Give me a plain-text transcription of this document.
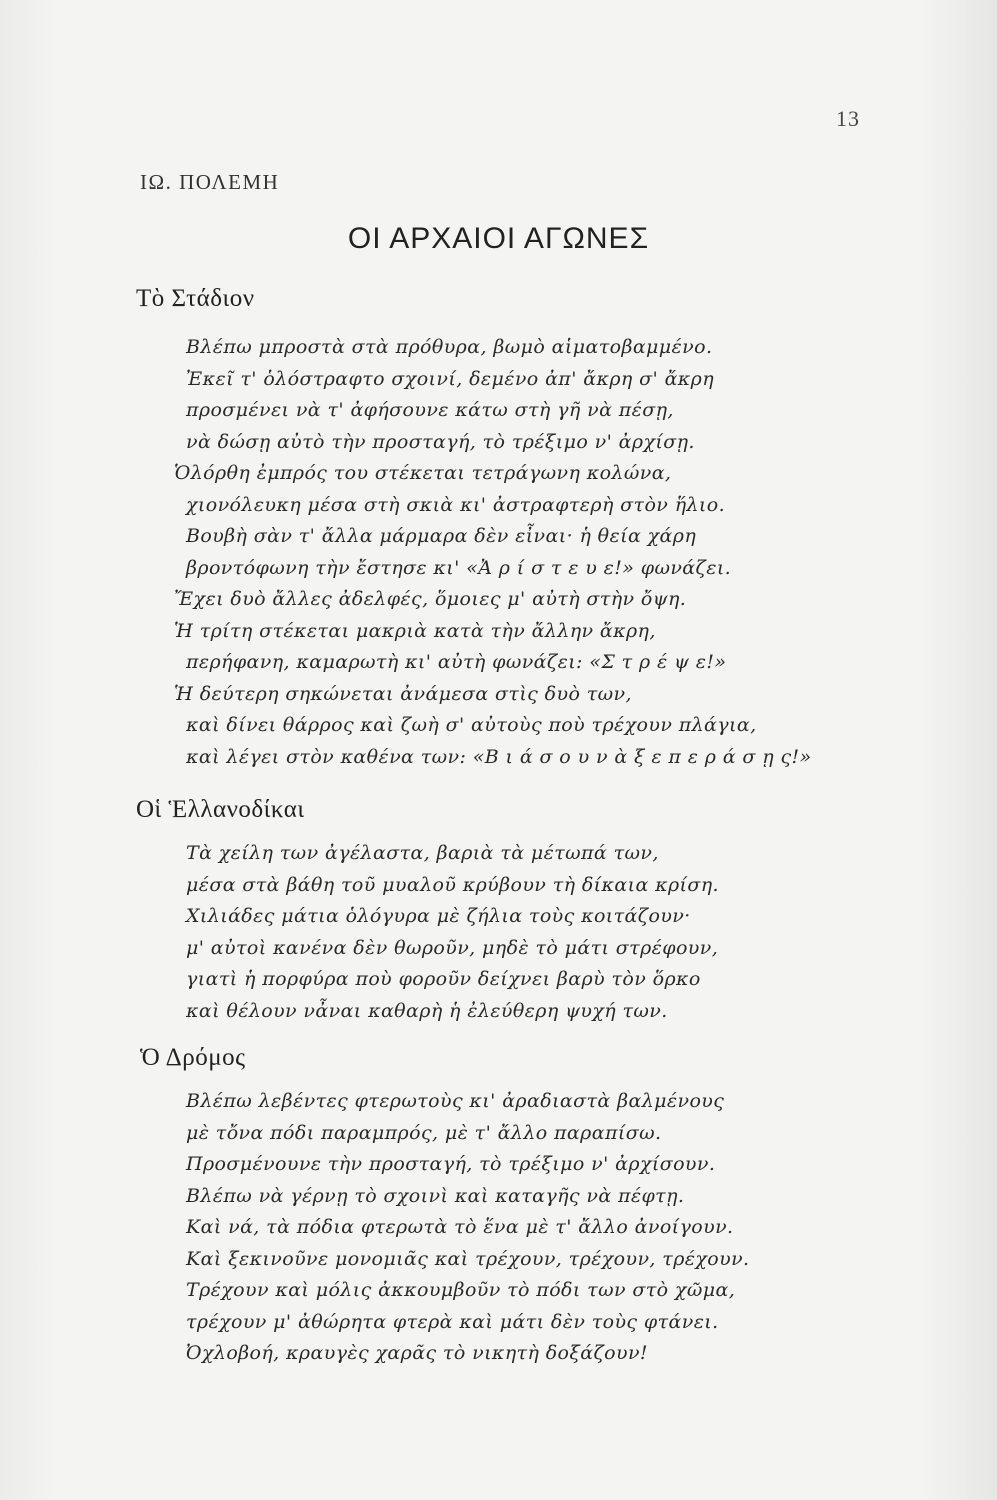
13
ΙΩ. ΠΟΛΕΜΗ
ΟΙ ΑΡΧΑΙΟΙ ΑΓΩΝΕΣ
Τὸ Στάδιον
Βλέπω μπροστὰ στὰ πρόθυρα, βωμὸ αἱματοβαμμένο.
Ἐκεῖ τ' ὁλόστραφτο σχοινί, δεμένο ἀπ' ἄκρη σ' ἄκρη
προσμένει νὰ τ' ἀφήσουνε κάτω στὴ γῆ νὰ πέσῃ,
νὰ δώσῃ αὐτὸ τὴν προσταγή, τὸ τρέξιμο ν' ἀρχίσῃ.
Ὁλόρθη ἐμπρός του στέκεται τετράγωνη κολώνα,
χιονόλευκη μέσα στὴ σκιὰ κι' ἀστραφτερὴ στὸν ἥλιο.
Βουβὴ σὰν τ' ἄλλα μάρμαρα δὲν εἶναι· ἡ θεία χάρη
βροντόφωνη τὴν ἔστησε κι' «Ἀ ρ ί σ τ ε υ ε!» φωνάζει.
Ἔχει δυὸ ἄλλες ἀδελφές, ὅμοιες μ' αὐτὴ στὴν ὄψη.
Ἡ τρίτη στέκεται μακριὰ κατὰ τὴν ἄλλην ἄκρη,
περήφανη, καμαρωτὴ κι' αὐτὴ φωνάζει: «Σ τ ρ έ ψ ε!»
Ἡ δεύτερη σηκώνεται ἀνάμεσα στὶς δυὸ των,
καὶ δίνει θάρρος καὶ ζωὴ σ' αὐτοὺς ποὺ τρέχουν πλάγια,
καὶ λέγει στὸν καθένα των: «Β ι ά σ ο υ ν ὰ ξ ε π ε ρ ά σ ῃ ς!»
Οἱ Ἑλλανοδίκαι
Τὰ χείλη των ἀγέλαστα, βαριὰ τὰ μέτωπά των,
μέσα στὰ βάθη τοῦ μυαλοῦ κρύβουν τὴ δίκαια κρίση.
Χιλιάδες μάτια ὁλόγυρα μὲ ζήλια τοὺς κοιτάζουν·
μ' αὐτοὶ κανένα δὲν θωροῦν, μηδὲ τὸ μάτι στρέφουν,
γιατὶ ἡ πορφύρα ποὺ φοροῦν δείχνει βαρὺ τὸν ὅρκο
καὶ θέλουν νἆναι καθαρὴ ἡ ἐλεύθερη ψυχή των.
Ὁ Δρόμος
Βλέπω λεβέντες φτερωτοὺς κι' ἀραδιαστὰ βαλμένους
μὲ τὄνα πόδι παραμπρός, μὲ τ' ἄλλο παραπίσω.
Προσμένουνε τὴν προσταγή, τὸ τρέξιμο ν' ἀρχίσουν.
Βλέπω νὰ γέρνῃ τὸ σχοινὶ καὶ καταγῆς νὰ πέφτῃ.
Καὶ νά, τὰ πόδια φτερωτὰ τὸ ἕνα μὲ τ' ἄλλο ἀνοίγουν.
Καὶ ξεκινοῦνε μονομιᾶς καὶ τρέχουν, τρέχουν, τρέχουν.
Τρέχουν καὶ μόλις ἀκκουμβοῦν τὸ πόδι των στὸ χῶμα,
τρέχουν μ' ἀθώρητα φτερὰ καὶ μάτι δὲν τοὺς φτάνει.
Ὀχλοβοή, κραυγὲς χαρᾶς τὸ νικητὴ δοξάζουν!
